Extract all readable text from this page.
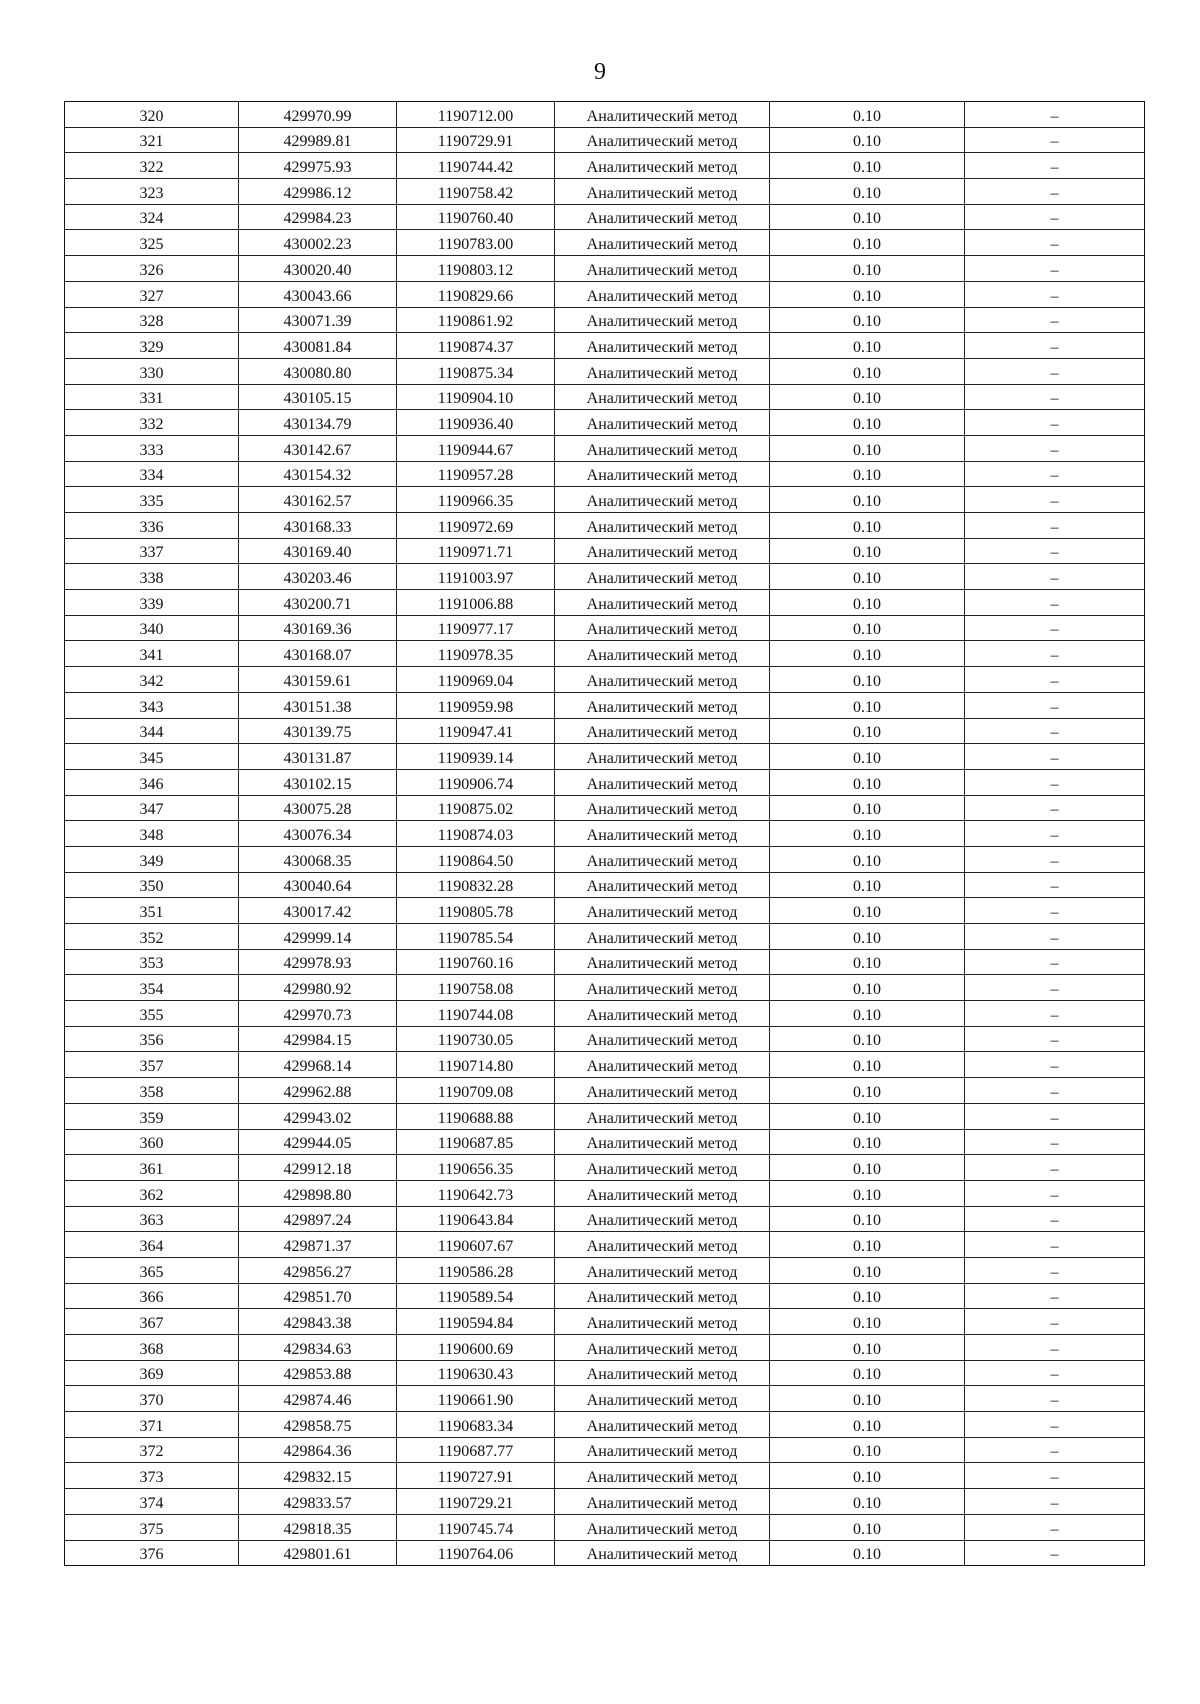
9
320	429970.99	1190712.00	Аналитический метод	0.10	–
321	429989.81	1190729.91	Аналитический метод	0.10	–
322	429975.93	1190744.42	Аналитический метод	0.10	–
323	429986.12	1190758.42	Аналитический метод	0.10	–
324	429984.23	1190760.40	Аналитический метод	0.10	–
325	430002.23	1190783.00	Аналитический метод	0.10	–
326	430020.40	1190803.12	Аналитический метод	0.10	–
327	430043.66	1190829.66	Аналитический метод	0.10	–
328	430071.39	1190861.92	Аналитический метод	0.10	–
329	430081.84	1190874.37	Аналитический метод	0.10	–
330	430080.80	1190875.34	Аналитический метод	0.10	–
331	430105.15	1190904.10	Аналитический метод	0.10	–
332	430134.79	1190936.40	Аналитический метод	0.10	–
333	430142.67	1190944.67	Аналитический метод	0.10	–
334	430154.32	1190957.28	Аналитический метод	0.10	–
335	430162.57	1190966.35	Аналитический метод	0.10	–
336	430168.33	1190972.69	Аналитический метод	0.10	–
337	430169.40	1190971.71	Аналитический метод	0.10	–
338	430203.46	1191003.97	Аналитический метод	0.10	–
339	430200.71	1191006.88	Аналитический метод	0.10	–
340	430169.36	1190977.17	Аналитический метод	0.10	–
341	430168.07	1190978.35	Аналитический метод	0.10	–
342	430159.61	1190969.04	Аналитический метод	0.10	–
343	430151.38	1190959.98	Аналитический метод	0.10	–
344	430139.75	1190947.41	Аналитический метод	0.10	–
345	430131.87	1190939.14	Аналитический метод	0.10	–
346	430102.15	1190906.74	Аналитический метод	0.10	–
347	430075.28	1190875.02	Аналитический метод	0.10	–
348	430076.34	1190874.03	Аналитический метод	0.10	–
349	430068.35	1190864.50	Аналитический метод	0.10	–
350	430040.64	1190832.28	Аналитический метод	0.10	–
351	430017.42	1190805.78	Аналитический метод	0.10	–
352	429999.14	1190785.54	Аналитический метод	0.10	–
353	429978.93	1190760.16	Аналитический метод	0.10	–
354	429980.92	1190758.08	Аналитический метод	0.10	–
355	429970.73	1190744.08	Аналитический метод	0.10	–
356	429984.15	1190730.05	Аналитический метод	0.10	–
357	429968.14	1190714.80	Аналитический метод	0.10	–
358	429962.88	1190709.08	Аналитический метод	0.10	–
359	429943.02	1190688.88	Аналитический метод	0.10	–
360	429944.05	1190687.85	Аналитический метод	0.10	–
361	429912.18	1190656.35	Аналитический метод	0.10	–
362	429898.80	1190642.73	Аналитический метод	0.10	–
363	429897.24	1190643.84	Аналитический метод	0.10	–
364	429871.37	1190607.67	Аналитический метод	0.10	–
365	429856.27	1190586.28	Аналитический метод	0.10	–
366	429851.70	1190589.54	Аналитический метод	0.10	–
367	429843.38	1190594.84	Аналитический метод	0.10	–
368	429834.63	1190600.69	Аналитический метод	0.10	–
369	429853.88	1190630.43	Аналитический метод	0.10	–
370	429874.46	1190661.90	Аналитический метод	0.10	–
371	429858.75	1190683.34	Аналитический метод	0.10	–
372	429864.36	1190687.77	Аналитический метод	0.10	–
373	429832.15	1190727.91	Аналитический метод	0.10	–
374	429833.57	1190729.21	Аналитический метод	0.10	–
375	429818.35	1190745.74	Аналитический метод	0.10	–
376	429801.61	1190764.06	Аналитический метод	0.10	–
